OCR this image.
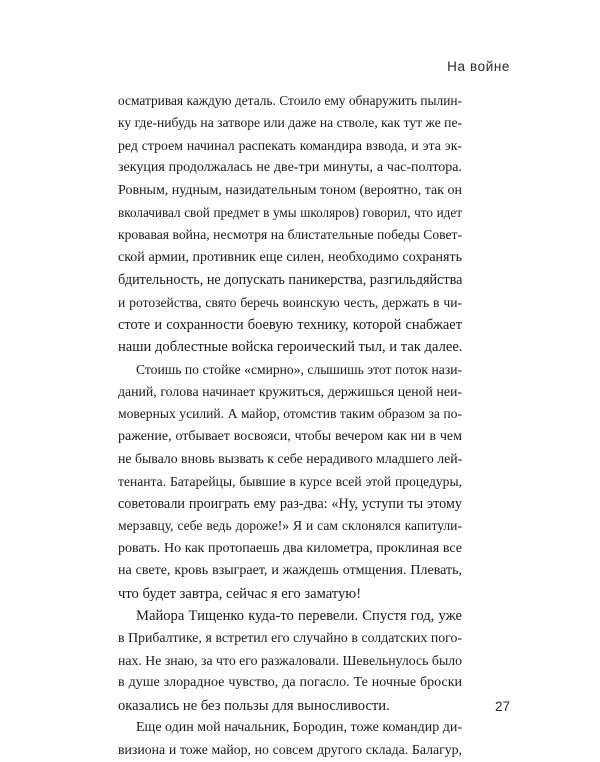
На войне
осматривая каждую деталь. Стоило ему обнаружить пылин-
ку где-нибудь на затворе или даже на стволе, как тут же пе-
ред строем начинал распекать командира взвода, и эта эк-
зекуция продолжалась не две-три минуты, а час-полтора.
Ровным, нудным, назидательным тоном (вероятно, так он
вколачивал свой предмет в умы школяров) говорил, что идет
кровавая война, несмотря на блистательные победы Совет-
ской армии, противник еще силен, необходимо сохранять
бдительность, не допускать паникерства, разгильдяйства
и ротозейства, свято беречь воинскую честь, держать в чи-
стоте и сохранности боевую технику, которой снабжает
наши доблестные войска героический тыл, и так далее.
Стоишь по стойке «смирно», слышишь этот поток нази-
даний, голова начинает кружиться, держишься ценой неи-
моверных усилий. А майор, отомстив таким образом за по-
ражение, отбывает восвояси, чтобы вечером как ни в чем
не бывало вновь вызвать к себе нерадивого младшего лей-
тенанта. Батарейцы, бывшие в курсе всей этой процедуры,
советовали проиграть ему раз-два: «Ну, уступи ты этому
мерзавцу, себе ведь дороже!» Я и сам склонялся капитули-
ровать. Но как протопаешь два километра, проклиная все
на свете, кровь взыграет, и жаждешь отмщения. Плевать,
что будет завтра, сейчас я его заматую!
Майора Тищенко куда-то перевели. Спустя год, уже
в Прибалтике, я встретил его случайно в солдатских пого-
нах. Не знаю, за что его разжаловали. Шевельнулось было
в душе злорадное чувство, да погасло. Те ночные броски
оказались не без пользы для выносливости.
Еще один мой начальник, Бородин, тоже командир ди-
визиона и тоже майор, но совсем другого склада. Балагур,
27
